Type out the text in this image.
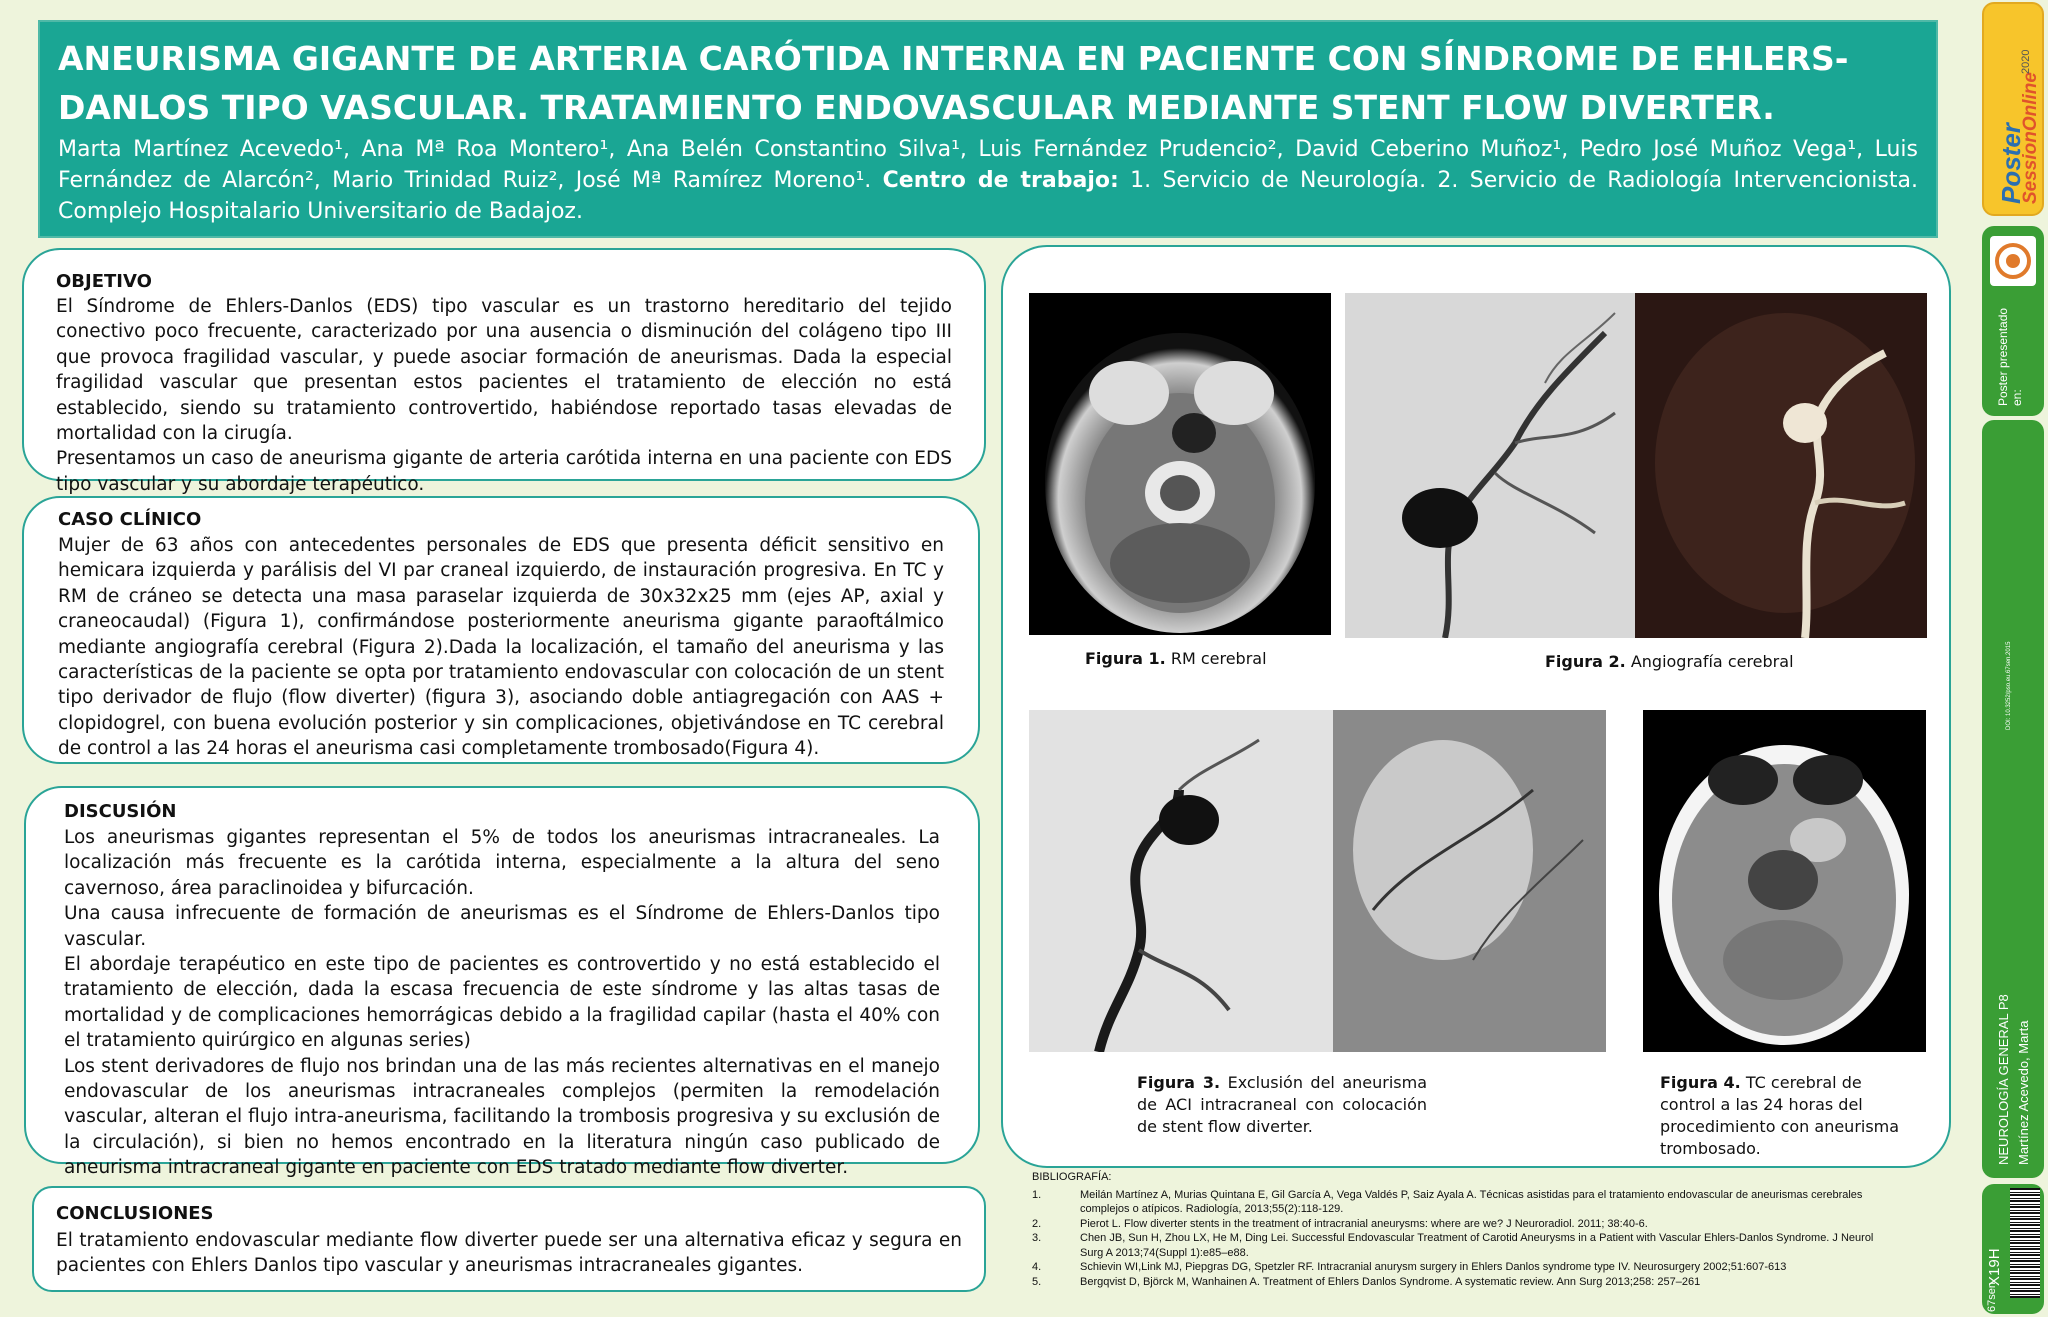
ANEURISMA GIGANTE DE ARTERIA CARÓTIDA INTERNA EN PACIENTE CON SÍNDROME DE EHLERS-DANLOS TIPO VASCULAR. TRATAMIENTO ENDOVASCULAR MEDIANTE STENT FLOW DIVERTER.
Marta Martínez Acevedo¹, Ana Mª Roa Montero¹, Ana Belén Constantino Silva¹, Luis Fernández Prudencio², David Ceberino Muñoz¹, Pedro José Muñoz Vega¹, Luis Fernández de Alarcón², Mario Trinidad Ruiz², José Mª Ramírez Moreno¹. Centro de trabajo: 1. Servicio de Neurología. 2. Servicio de Radiología Intervencionista. Complejo Hospitalario Universitario de Badajoz.
OBJETIVO

El Síndrome de Ehlers-Danlos (EDS) tipo vascular es un trastorno hereditario del tejido conectivo poco frecuente, caracterizado por una ausencia o disminución del colágeno tipo III que provoca fragilidad vascular, y puede asociar formación de aneurismas. Dada la especial fragilidad vascular que presentan estos pacientes el tratamiento de elección no está establecido, siendo su tratamiento controvertido, habiéndose reportado tasas elevadas de mortalidad con la cirugía.

Presentamos un caso de aneurisma gigante de arteria carótida interna en una paciente con EDS tipo vascular y su abordaje terapéutico.

CASO CLÍNICO

Mujer de 63 años con antecedentes personales de EDS que presenta déficit sensitivo en hemicara izquierda y parálisis del VI par craneal izquierdo, de instauración progresiva. En TC y RM de cráneo se detecta una masa paraselar izquierda de 30x32x25 mm (ejes AP, axial y craneocaudal) (Figura 1), confirmándose posteriormente aneurisma gigante paraoftálmico mediante angiografía cerebral (Figura 2).Dada la localización, el tamaño del aneurisma y las características de la paciente se opta por tratamiento endovascular con colocación de un stent tipo derivador de flujo (flow diverter) (figura 3), asociando doble antiagregación con AAS + clopidogrel, con buena evolución posterior y sin complicaciones, objetivándose en TC cerebral de control a las 24 horas el aneurisma casi completamente trombosado(Figura 4).

DISCUSIÓN

Los aneurismas gigantes representan el 5% de todos los aneurismas intracraneales. La localización más frecuente es la carótida interna, especialmente a la altura del seno cavernoso, área paraclinoidea y bifurcación.

Una causa infrecuente de formación de aneurismas es el Síndrome de Ehlers-Danlos tipo vascular.

El abordaje terapéutico en este tipo de pacientes es controvertido y no está establecido el tratamiento de elección, dada la escasa frecuencia de este síndrome y las altas tasas de mortalidad y de complicaciones hemorrágicas debido a la fragilidad capilar (hasta el 40% con el tratamiento quirúrgico en algunas series)

Los stent derivadores de flujo nos brindan una de las más recientes alternativas en el manejo endovascular de los aneurismas intracraneales complejos (permiten la remodelación vascular, alteran el flujo intra-aneurisma, facilitando la trombosis progresiva y su exclusión de la circulación), si bien no hemos encontrado en la literatura ningún caso publicado de aneurisma intracraneal gigante en paciente con EDS tratado mediante flow diverter.

CONCLUSIONES

El tratamiento endovascular mediante flow diverter puede ser una alternativa eficaz y segura en pacientes con Ehlers Danlos tipo vascular y aneurismas intracraneales gigantes.

Figura 1. RM cerebral	Figura 2. Angiografía cerebral
Figura 3. Exclusión del aneurisma de ACI intracraneal con colocación de stent flow diverter.
Figura 4. TC cerebral de control a las 24 horas del procedimiento con aneurisma trombosado.
BIBLIOGRAFÍA:
1.	Meilán Martínez A, Murias Quintana E, Gil García A, Vega Valdés P, Saiz Ayala A. Técnicas asistidas para el tratamiento endovascular de aneurismas cerebrales complejos o atípicos. Radiología, 2013;55(2):118-129.
2.	Pierot L. Flow diverter stents in the treatment of intracranial aneurysms: where are we? J Neuroradiol. 2011; 38:40-6.
3.	Chen JB, Sun H, Zhou LX, He M, Ding Lei. Successful Endovascular Treatment of Carotid Aneurysms in a Patient with Vascular Ehlers-Danlos Syndrome. J Neurol Surg A 2013;74(Suppl 1):e85–e88.
4.	Schievin WI,Link MJ, Piepgras DG, Spetzler RF. Intracranial anurysm surgery in Ehlers Danlos syndrome type IV. Neurosurgery 2002;51:607-613
5.	Bergqvist D, Björck M, Wanhainen A. Treatment of Ehlers Danlos Syndrome. A systematic review. Ann Surg 2013;258: 257–261
Poster
SessionOnline
2020
Poster presentado en:
DOI: 10.3252/pso.eu.67sen.2015
NEUROLOGÍA GENERAL P8 Martínez Acevedo, Marta
X19H
67sen
